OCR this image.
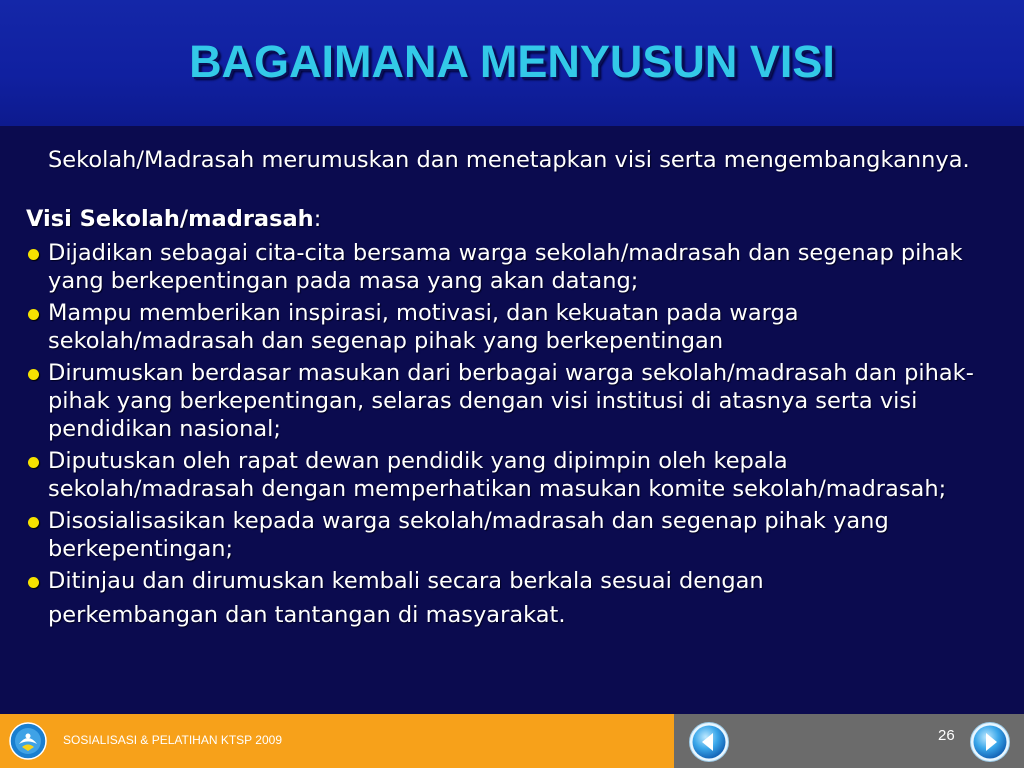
BAGAIMANA MENYUSUN VISI
Sekolah/Madrasah merumuskan dan menetapkan visi serta mengembangkannya.
Visi Sekolah/madrasah:
Dijadikan sebagai cita-cita bersama warga sekolah/madrasah dan segenap pihak yang berkepentingan pada masa yang akan datang;
Mampu memberikan inspirasi, motivasi, dan kekuatan pada warga sekolah/madrasah dan segenap pihak yang berkepentingan
Dirumuskan berdasar masukan dari berbagai warga sekolah/madrasah dan pihak-pihak yang berkepentingan, selaras dengan visi institusi di atasnya serta visi pendidikan nasional;
Diputuskan oleh rapat dewan pendidik yang dipimpin oleh kepala sekolah/madrasah dengan memperhatikan masukan komite sekolah/madrasah;
Disosialisasikan kepada warga sekolah/madrasah dan segenap pihak yang berkepentingan;
Ditinjau dan dirumuskan kembali secara berkala sesuai dengan
perkembangan dan tantangan di masyarakat.
SOSIALISASI & PELATIHAN KTSP 2009	26
